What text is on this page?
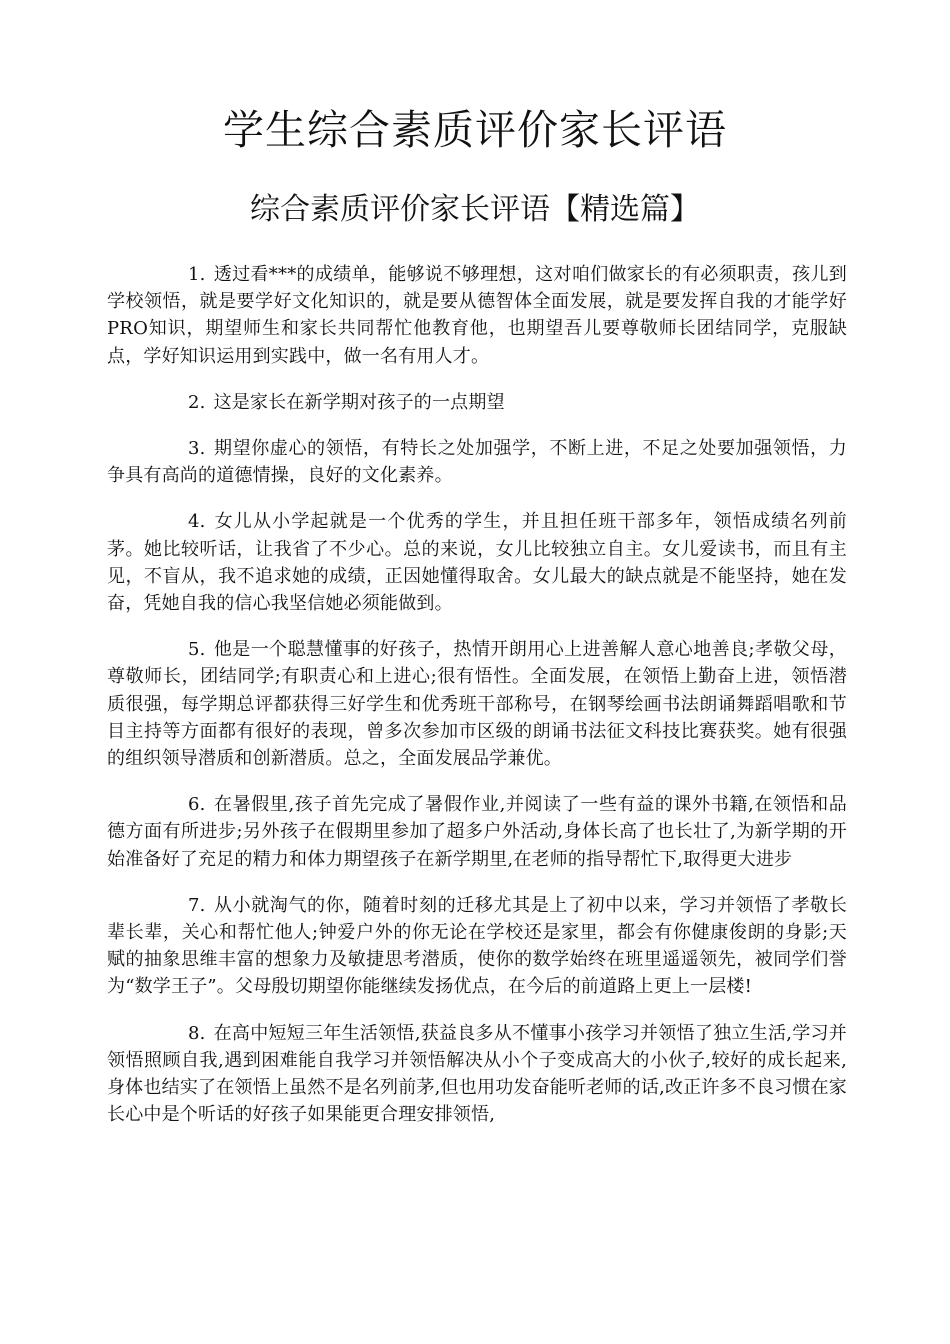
学生综合素质评价家长评语
综合素质评价家长评语【精选篇】

1. 透过看***的成绩单，能够说不够理想，这对咱们做家长的有必须职责，孩儿到学校领悟，就是要学好文化知识的，就是要从德智体全面发展，就是要发挥自我的才能学好PRO知识，期望师生和家长共同帮忙他教育他，也期望吾儿要尊敬师长团结同学，克服缺点，学好知识运用到实践中，做一名有用人才。

2. 这是家长在新学期对孩子的一点期望

3. 期望你虚心的领悟，有特长之处加强学，不断上进，不足之处要加强领悟，力争具有高尚的道德情操，良好的文化素养。

4. 女儿从小学起就是一个优秀的学生，并且担任班干部多年，领悟成绩名列前茅。她比较听话，让我省了不少心。总的来说，女儿比较独立自主。女儿爱读书，而且有主见，不盲从，我不追求她的成绩，正因她懂得取舍。女儿最大的缺点就是不能坚持，她在发奋，凭她自我的信心我坚信她必须能做到。

5. 他是一个聪慧懂事的好孩子，热情开朗用心上进善解人意心地善良;孝敬父母，尊敬师长，团结同学;有职责心和上进心;很有悟性。全面发展，在领悟上勤奋上进，领悟潜质很强，每学期总评都获得三好学生和优秀班干部称号，在钢琴绘画书法朗诵舞蹈唱歌和节目主持等方面都有很好的表现，曾多次参加市区级的朗诵书法征文科技比赛获奖。她有很强的组织领导潜质和创新潜质。总之，全面发展品学兼优。

6. 在暑假里,孩子首先完成了暑假作业,并阅读了一些有益的课外书籍,在领悟和品德方面有所进步;另外孩子在假期里参加了超多户外活动,身体长高了也长壮了,为新学期的开始准备好了充足的精力和体力期望孩子在新学期里,在老师的指导帮忙下,取得更大进步

7. 从小就淘气的你，随着时刻的迁移尤其是上了初中以来，学习并领悟了孝敬长辈长辈，关心和帮忙他人;钟爱户外的你无论在学校还是家里，都会有你健康俊朗的身影;天赋的抽象思维丰富的想象力及敏捷思考潜质，使你的数学始终在班里遥遥领先，被同学们誉为“数学王子”。父母殷切期望你能继续发扬优点，在今后的前道路上更上一层楼!

8. 在高中短短三年生活领悟,获益良多从不懂事小孩学习并领悟了独立生活,学习并领悟照顾自我,遇到困难能自我学习并领悟解决从小个子变成高大的小伙子,较好的成长起来,身体也结实了在领悟上虽然不是名列前茅,但也用功发奋能听老师的话,改正许多不良习惯在家长心中是个听话的好孩子如果能更合理安排领悟,
